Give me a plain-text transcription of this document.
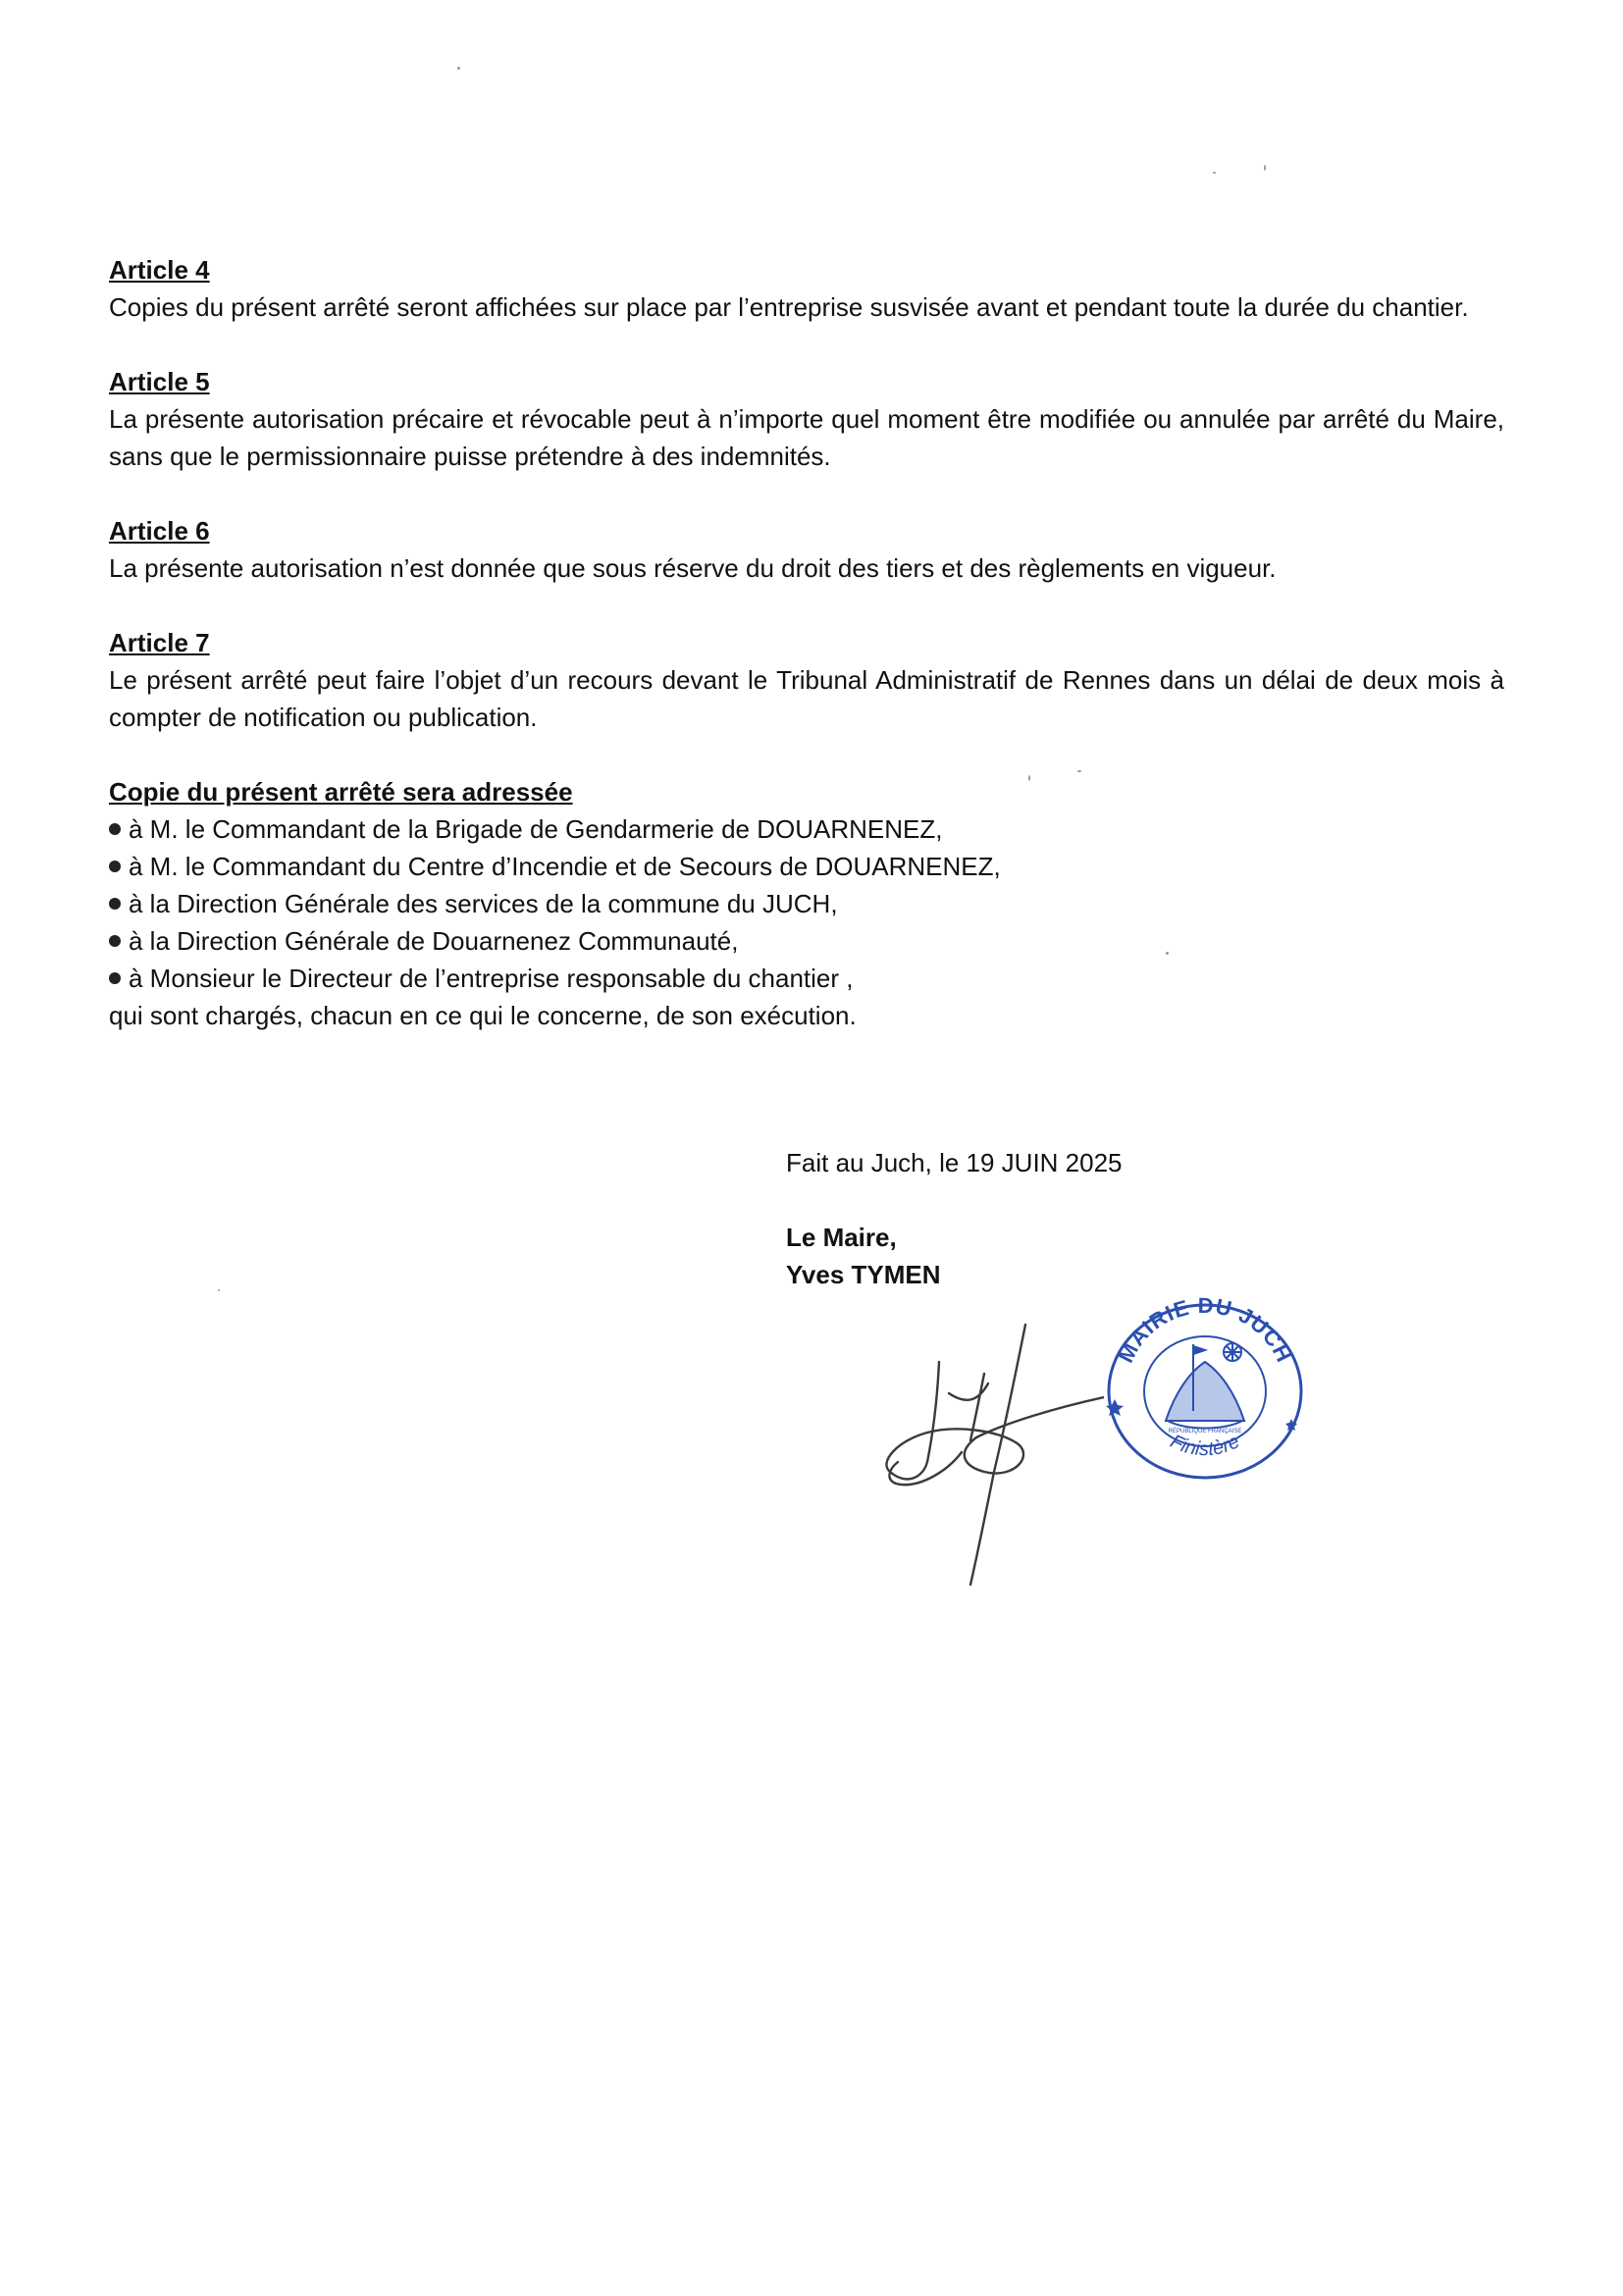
Article 4
Copies du présent arrêté seront affichées sur place par l’entreprise susvisée avant et pendant toute la durée du chantier.
Article 5
La présente autorisation précaire et révocable peut à n’importe quel moment être modifiée ou annulée par arrêté du Maire, sans que le permissionnaire puisse prétendre à des indemnités.
Article 6
La présente autorisation n’est donnée que sous réserve du droit des tiers et des règlements en vigueur.
Article 7
Le présent arrêté peut faire l’objet d’un recours devant le Tribunal Administratif de Rennes dans un délai de deux mois à compter de notification ou publication.
Copie du présent arrêté sera adressée
à M. le Commandant de la Brigade de Gendarmerie de DOUARNENEZ,
à M. le Commandant du Centre d’Incendie et de Secours de DOUARNENEZ,
à la Direction Générale des services de la commune du JUCH,
à la Direction Générale de Douarnenez Communauté,
à Monsieur le Directeur de l’entreprise responsable du chantier ,
qui sont chargés, chacun en ce qui le concerne, de son exécution.
Fait au Juch, le 19 JUIN 2025
Le Maire,
Yves TYMEN
MAIRIE DU JUCH
Finistère
RÉPUBLIQUE FRANÇAISE
